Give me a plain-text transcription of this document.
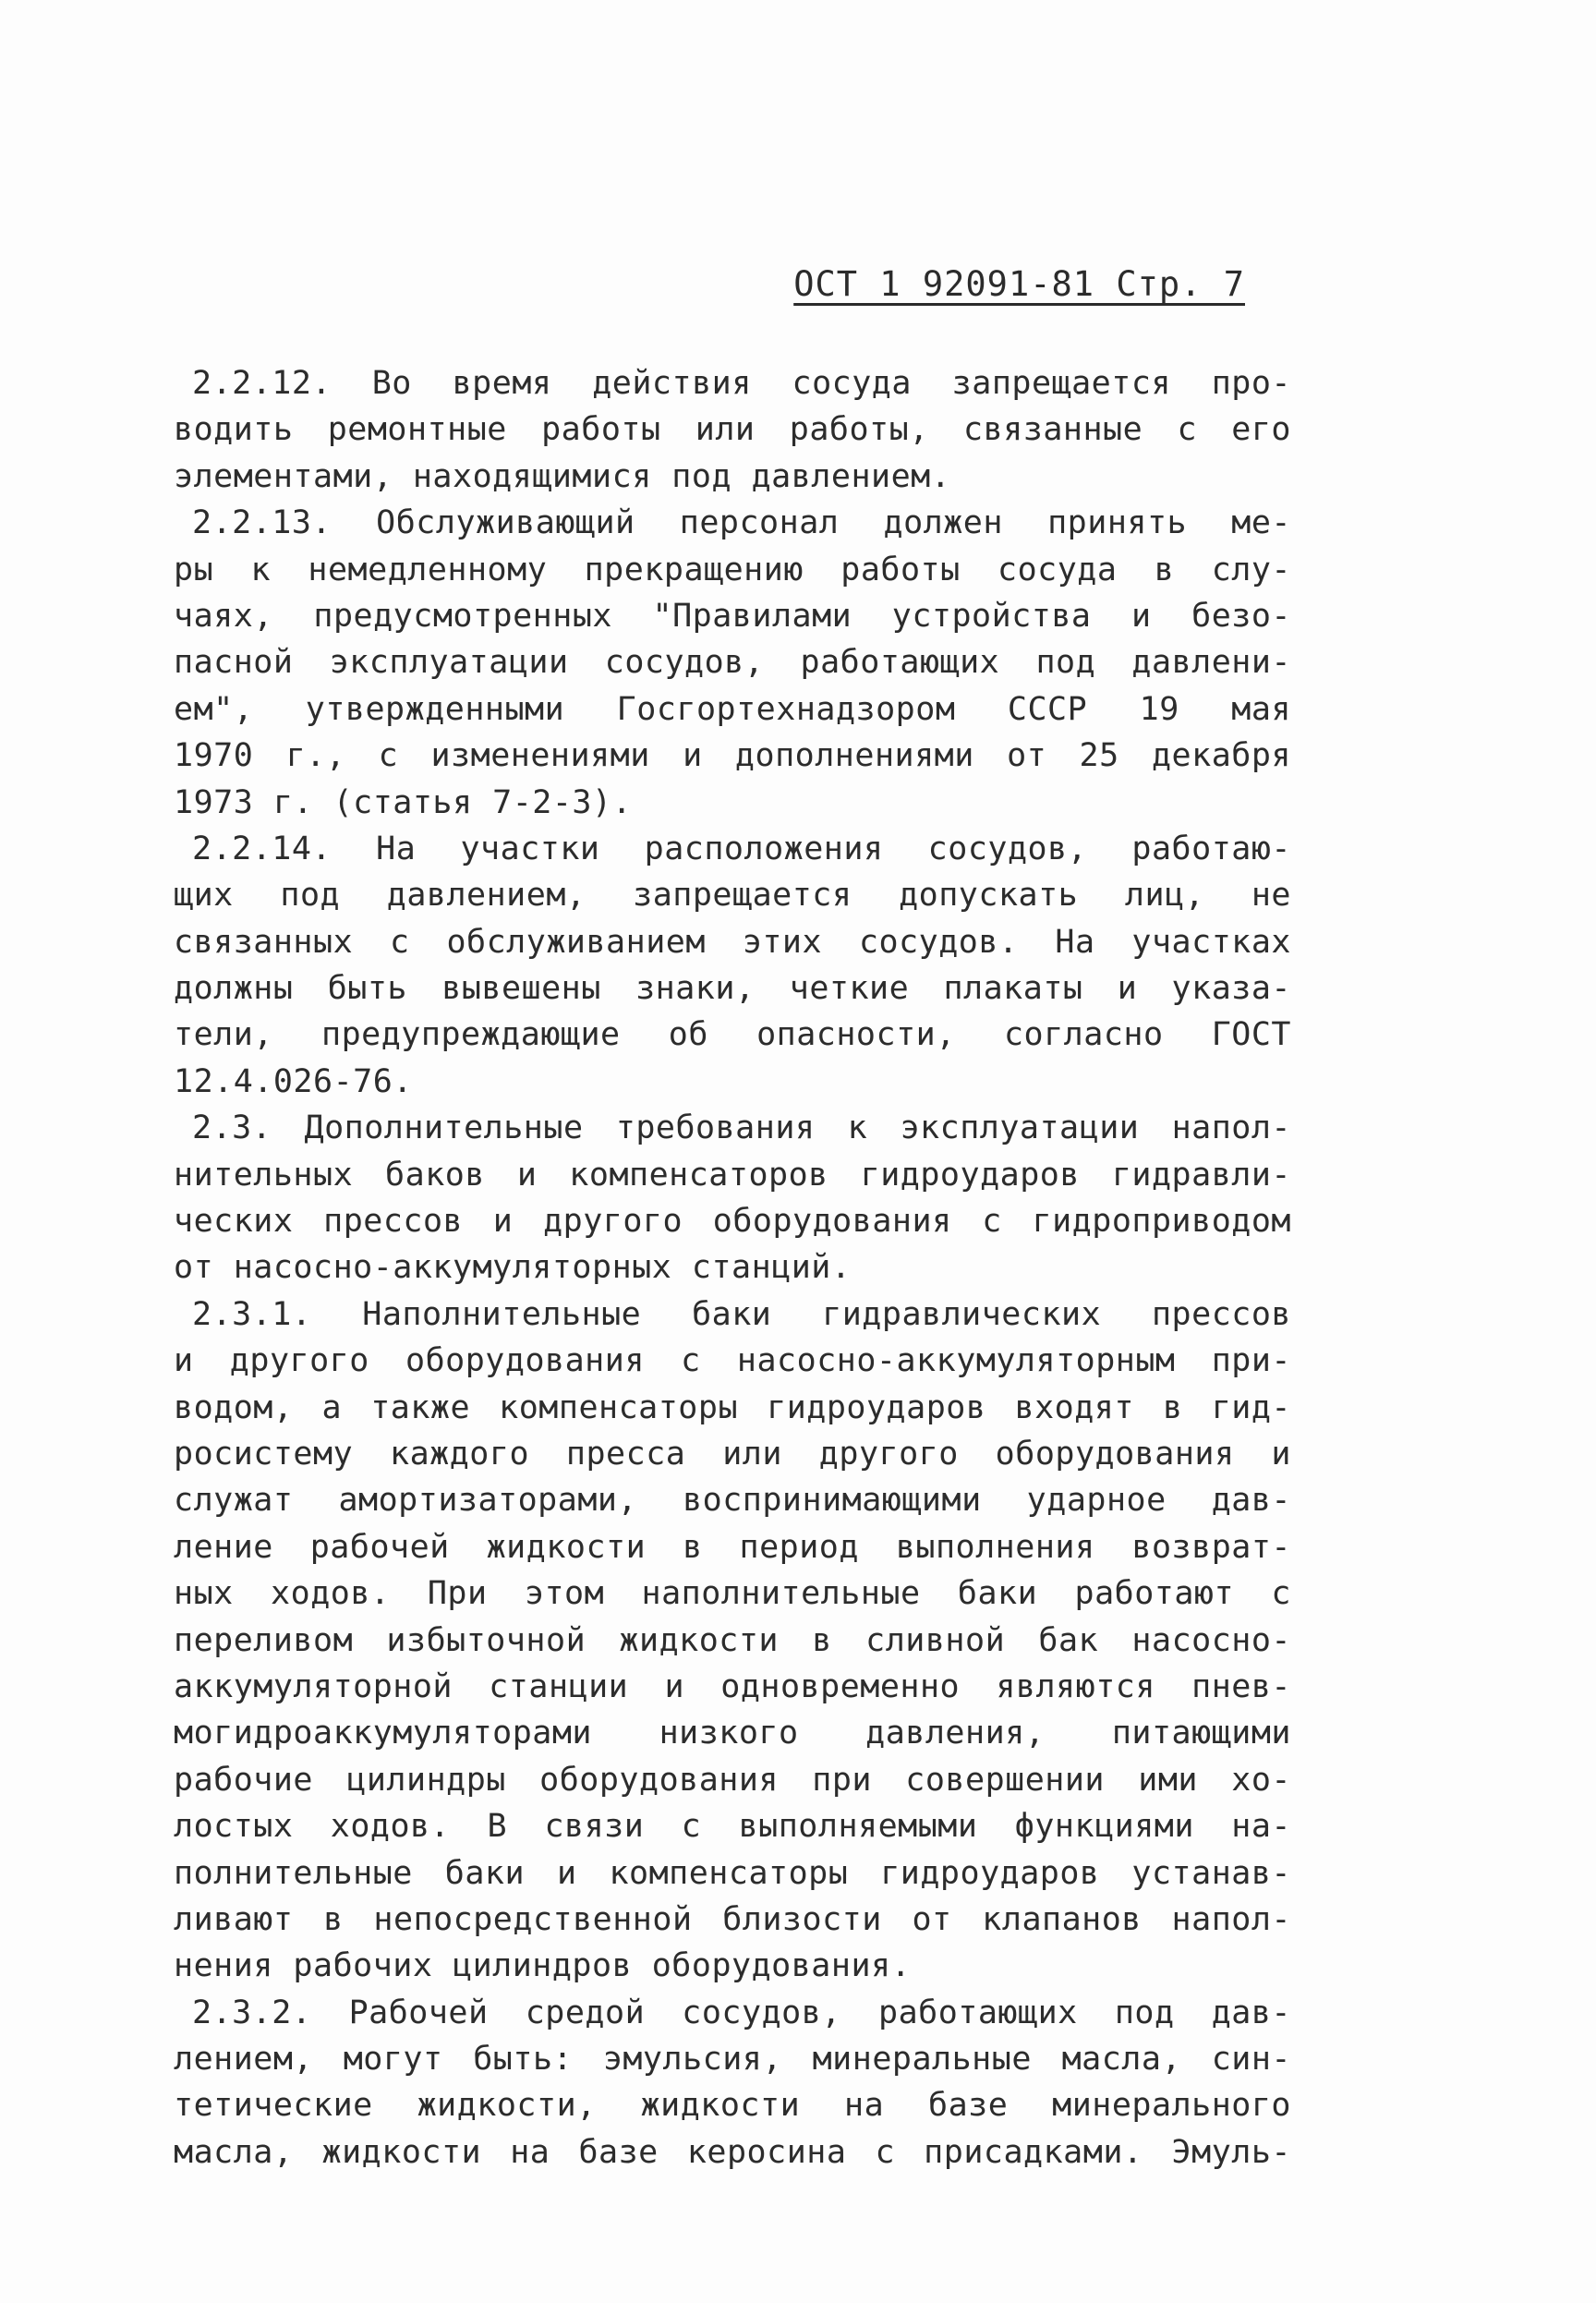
ОСТ 1 92091-81 Стр. 7
2.2.12. Во время действия сосуда запрещается про-
водить ремонтные работы или работы, связанные с его
элементами, находящимися под давлением.
2.2.13. Обслуживающий персонал должен принять ме-
ры к немедленному прекращению работы сосуда в слу-
чаях, предусмотренных "Правилами устройства и безо-
пасной эксплуатации сосудов, работающих под давлени-
ем", утвержденными Госгортехнадзором СССР 19 мая
1970 г., с изменениями и дополнениями от 25 декабря
1973 г. (статья 7-2-3).
2.2.14. На участки расположения сосудов, работаю-
щих под давлением, запрещается допускать лиц, не
связанных с обслуживанием этих сосудов. На участках
должны быть вывешены знаки, четкие плакаты и указа-
тели, предупреждающие об опасности, согласно ГОСТ
12.4.026-76.
2.3. Дополнительные требования к эксплуатации напол-
нительных баков и компенсаторов гидроударов гидравли-
ческих прессов и другого оборудования с гидроприводом
от насосно-аккумуляторных станций.
2.3.1. Наполнительные баки гидравлических прессов
и другого оборудования с насосно-аккумуляторным при-
водом, а также компенсаторы гидроударов входят в гид-
росистему каждого пресса или другого оборудования и
служат амортизаторами, воспринимающими ударное дав-
ление рабочей жидкости в период выполнения возврат-
ных ходов. При этом наполнительные баки работают с
переливом избыточной жидкости в сливной бак насосно-
аккумуляторной станции и одновременно являются пнев-
могидроаккумуляторами низкого давления, питающими
рабочие цилиндры оборудования при совершении ими хо-
лостых ходов. В связи с выполняемыми функциями на-
полнительные баки и компенсаторы гидроударов устанав-
ливают в непосредственной близости от клапанов напол-
нения рабочих цилиндров оборудования.
2.3.2. Рабочей средой сосудов, работающих под дав-
лением, могут быть: эмульсия, минеральные масла, син-
тетические жидкости, жидкости на базе минерального
масла, жидкости на базе керосина с присадками. Эмуль-
